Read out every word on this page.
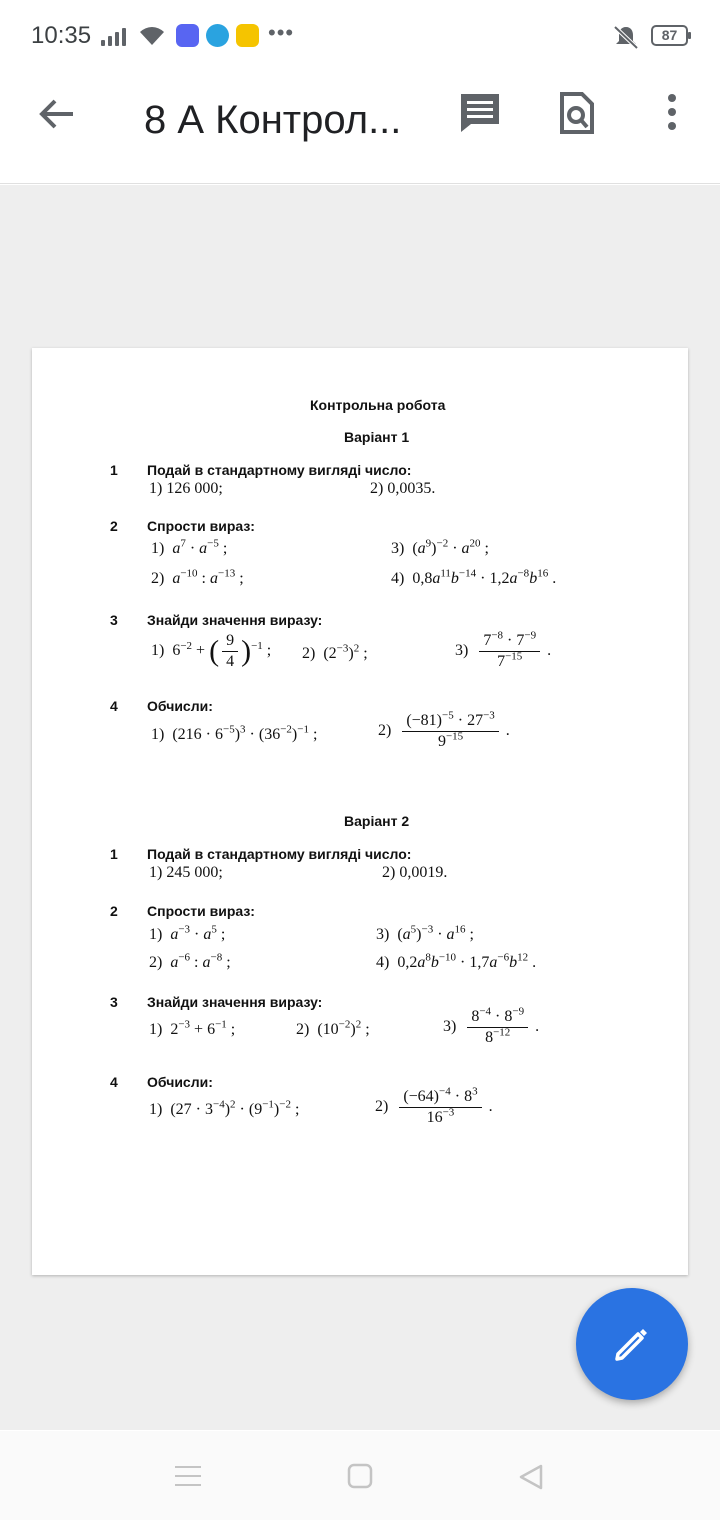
10:35	•••	87
8 А Контрол...
Контрольна робота
Варіант 1
1 Подай в стандартному вигляді число:
1) 126 000;	2) 0,0035.
2 Спрости вираз:
1)  $a^7 \cdot a^{-5}$ ;	3)  $(a^9)^{-2} \cdot a^{20}$ ;
2)  $a^{-10}$ : $a^{-13}$ ;	4)  $0,8a^{11}b^{-14} \cdot 1,2a^{-8}b^{16}$ .
3 Знайди значення виразу:
1)  $6^{-2}$ + ( $\frac{9}{4} )^{-1}$ ; 2)  $(2^{-3})^2$ ;	$3) \frac{7^{-8} \cdot 7^{-9}}{7^{-15}}$ .
4 Обчисли:
1)  $(216 \cdot 6^{-5})^3 \cdot (36^{-2})^{-1}$ ;	$2) \frac{(-81)^{-5} \cdot 27^{-3}}{9^{-15}}$ .
Варіант 2
1 Подай в стандартному вигляді число:
1) 245 000;	2) 0,0019.
2 Спрости вираз:
1)  $a^{-3} \cdot a^5$ ;	3)  $(a^5)^{-3} \cdot a^{16}$ ;
2)  $a^{-6}$ : $a^{-8}$ ;	4)  $0,2a^8b^{-10} \cdot 1,7a^{-6}b^{12}$ .
3 Знайди значення виразу:
1)  $2^{-3} + 6^{-1}$ ;	2)  $(10^{-2})^2$ ;	$3) \frac{8^{-4} \cdot 8^{-9}}{8^{-12}}$ .
4 Обчисли:
1)  $(27 \cdot 3^{-4})^2 \cdot (9^{-1})^{-2}$ ;	$2) \frac{(-64)^{-4} \cdot 8^3}{16^{-3}}$ .
